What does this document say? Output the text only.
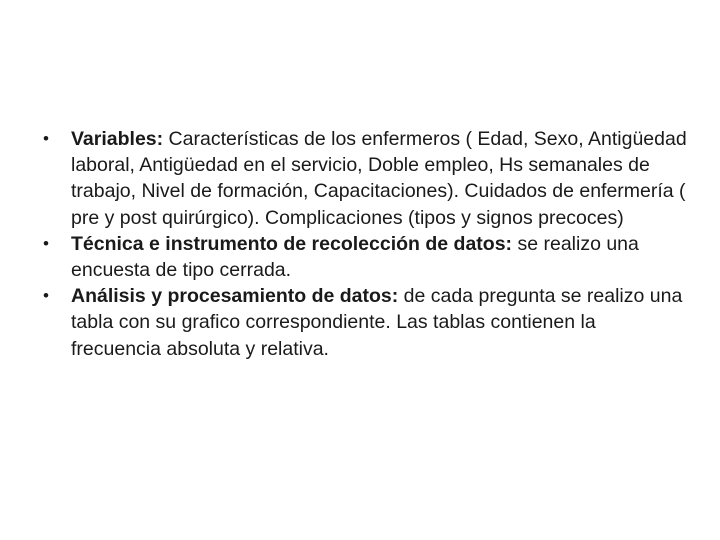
• Variables: Características de los enfermeros ( Edad, Sexo, Antigüedad laboral, Antigüedad en el servicio, Doble empleo, Hs semanales de trabajo, Nivel de formación, Capacitaciones). Cuidados de enfermería ( pre y post quirúrgico). Complicaciones (tipos y signos precoces)
• Técnica e instrumento de recolección de datos: se realizo una encuesta de tipo cerrada.
• Análisis y procesamiento de datos: de cada pregunta se realizo una tabla con su grafico correspondiente. Las tablas contienen la frecuencia absoluta y relativa.
